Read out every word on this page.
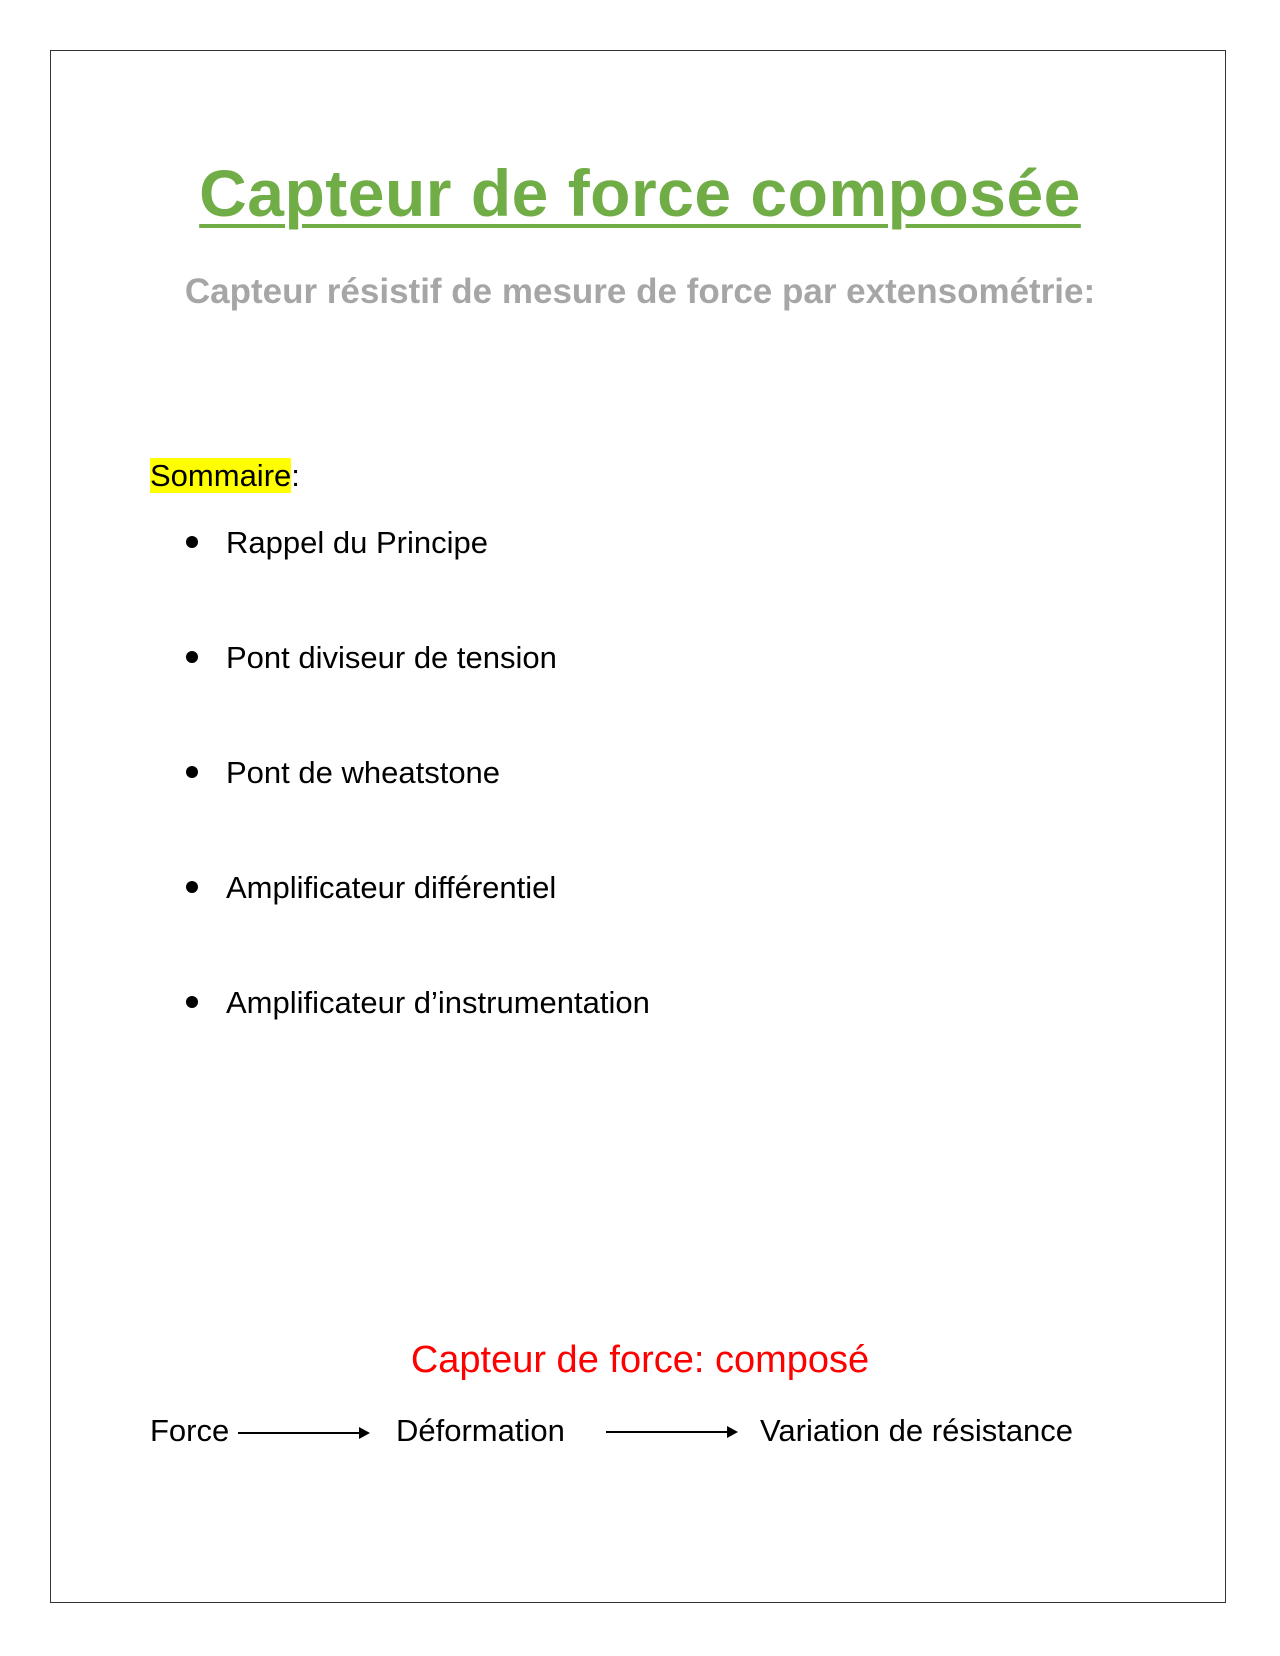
Capteur de force composée
Capteur résistif de mesure de force par extensométrie:
Sommaire:
Rappel du Principe
Pont diviseur de tension
Pont de wheatstone
Amplificateur différentiel
Amplificateur d’instrumentation
Capteur de force: composé
Force	Déformation	Variation de résistance
